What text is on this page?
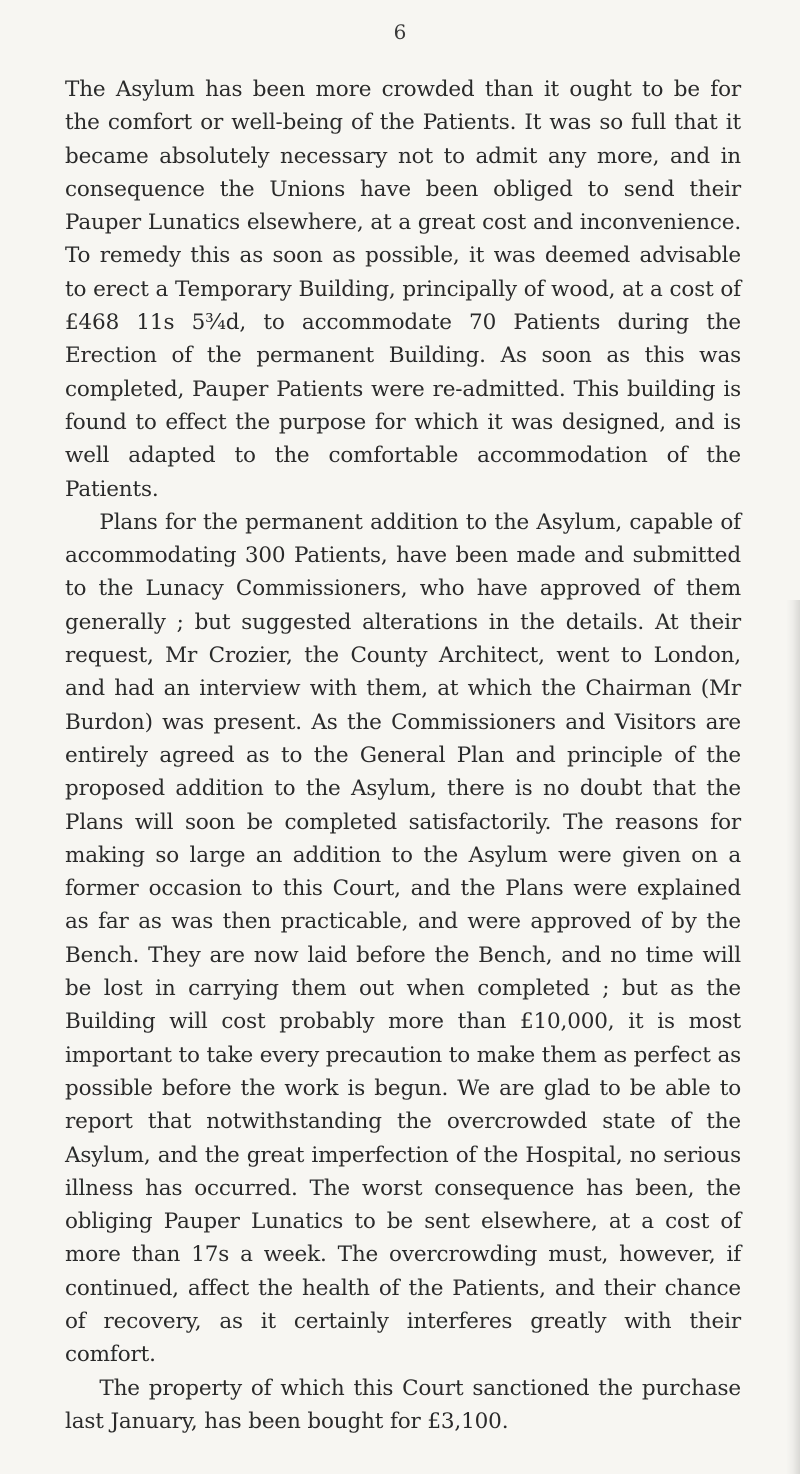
6

The Asylum has been more crowded than it ought to be for the comfort or well-being of the Patients. It was so full that it became absolutely necessary not to admit any more, and in consequence the Unions have been obliged to send their Pauper Lunatics elsewhere, at a great cost and inconvenience. To remedy this as soon as possible, it was deemed advisable to erect a Temporary Building, principally of wood, at a cost of £468 11s 5¾d, to accommodate 70 Patients during the Erection of the permanent Building. As soon as this was completed, Pauper Patients were re-admitted. This building is found to effect the purpose for which it was designed, and is well adapted to the comfortable accommodation of the Patients.

Plans for the permanent addition to the Asylum, capable of accommodating 300 Patients, have been made and submitted to the Lunacy Commissioners, who have approved of them generally ; but suggested alterations in the details. At their request, Mr Crozier, the County Architect, went to London, and had an interview with them, at which the Chairman (Mr Burdon) was present. As the Commissioners and Visitors are entirely agreed as to the General Plan and principle of the proposed addition to the Asylum, there is no doubt that the Plans will soon be completed satisfactorily. The reasons for making so large an addition to the Asylum were given on a former occasion to this Court, and the Plans were explained as far as was then practicable, and were approved of by the Bench. They are now laid before the Bench, and no time will be lost in carrying them out when completed ; but as the Building will cost probably more than £10,000, it is most important to take every precaution to make them as perfect as possible before the work is begun. We are glad to be able to report that notwithstanding the overcrowded state of the Asylum, and the great imperfection of the Hospital, no serious illness has occurred. The worst consequence has been, the obliging Pauper Lunatics to be sent elsewhere, at a cost of more than 17s a week. The overcrowding must, however, if continued, affect the health of the Patients, and their chance of recovery, as it certainly interferes greatly with their comfort.

The property of which this Court sanctioned the purchase last January, has been bought for £3,100.
